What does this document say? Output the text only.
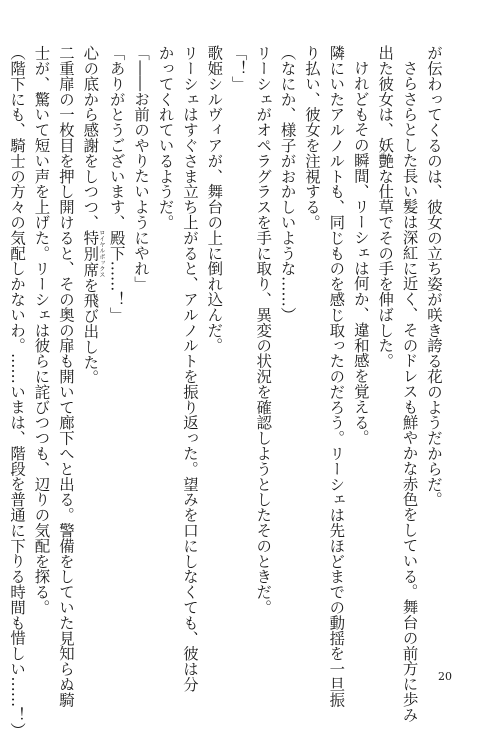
が伝わってくるのは、彼女の立ち姿が咲き誇る花のようだからだ。

さらさらとした長い髪は深紅に近く、そのドレスも鮮やかな赤色をしている。舞台の前方に歩み

出た彼女は、妖艶な仕草でその手を伸ばした。

けれどもその瞬間、リーシェは何か、違和感を覚える。

隣にいたアルノルトも、同じものを感じ取ったのだろう。リーシェは先ほどまでの動揺を一旦振

り払い、彼女を注視する。

（なにか、様子がおかしいような……）

リーシェがオペラグラスを手に取り、異変の状況を確認しようとしたそのときだ。

「！」

歌姫シルヴィアが、舞台の上に倒れ込んだ。

リーシェはすぐさま立ち上がると、アルノルトを振り返った。望みを口にしなくても、彼は分

かってくれているようだ。

「――お前のやりたいようにやれ」

「ありがとうございます、殿下……！」

心の底から感謝をしつつ、特別席ロイヤルボックスを飛び出した。

二重扉の一枚目を押し開けると、その奥の扉も開いて廊下へと出る。警備をしていた見知らぬ騎

士が、驚いて短い声を上げた。リーシェは彼らに詫びつつも、辺りの気配を探る。

（階下にも、騎士の方々の気配しかないわ。……いまは、階段を普通に下りる時間も惜しい……！）	20
